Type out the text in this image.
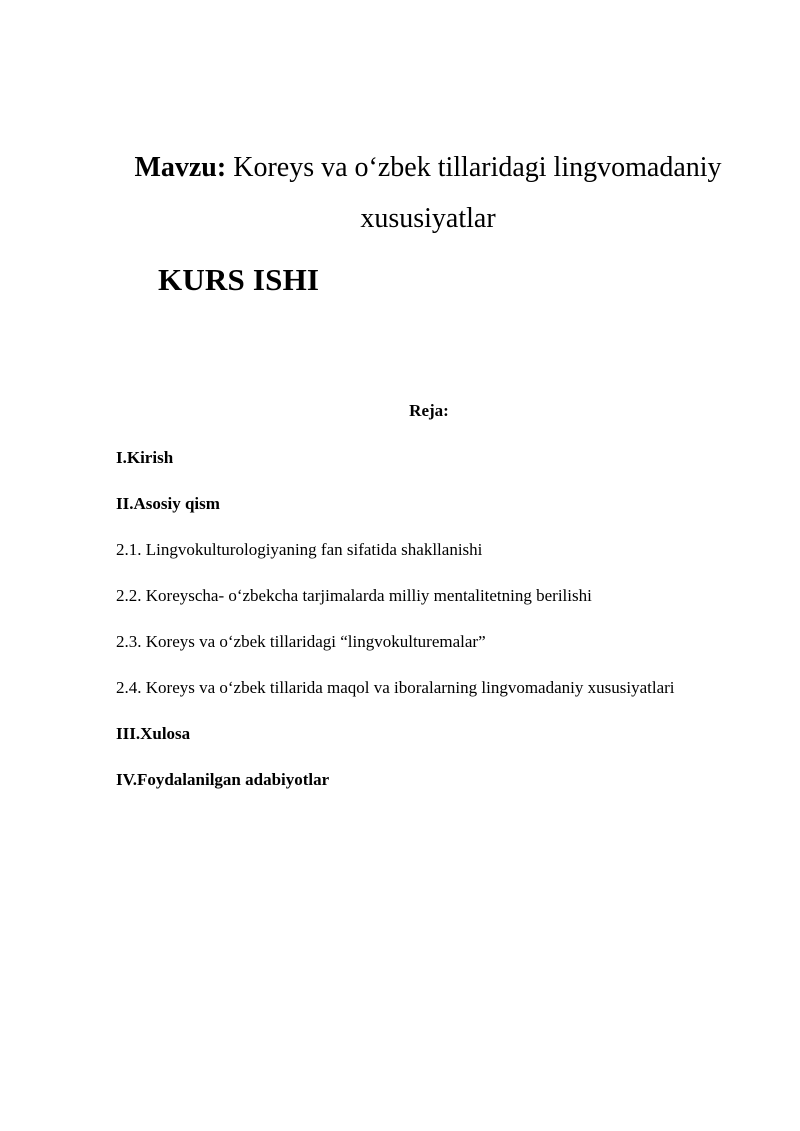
Mavzu: Koreys va o‘zbek tillaridagi lingvomadaniy xususiyatlar
KURS ISHI
Reja:
I.Kirish
II.Asosiy qism
2.1. Lingvokulturologiyaning fan sifatida shakllanishi
2.2. Koreyscha- o‘zbekcha tarjimalarda milliy mentalitetning berilishi
2.3. Koreys va o‘zbek tillaridagi “lingvokulturemalar”
2.4. Koreys va o‘zbek tillarida maqol va iboralarning lingvomadaniy xususiyatlari
III.Xulosa
IV.Foydalanilgan adabiyotlar
